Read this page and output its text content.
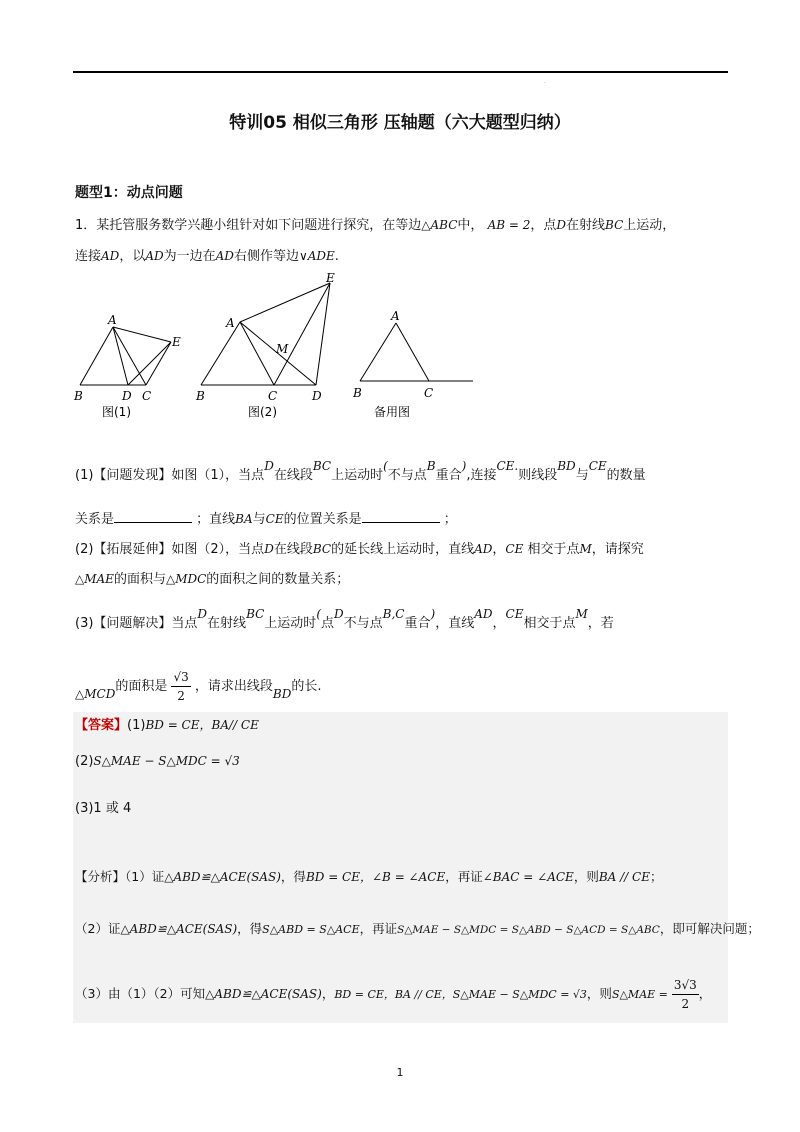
·
特训05 相似三角形 压轴题（六大题型归纳）
题型1：动点问题
1．某托管服务数学兴趣小组针对如下问题进行探究，在等边△ABC中， AB = 2，点D在射线BC上运动，
连接AD，以AD为一边在AD右侧作等边∨ADE.
A
B	D C
E
图(1)
A
B	C	D
E
M
图(2)
A
B	C
备用图
(1)【问题发现】如图（1），当点D在线段BC上运动时(不与点B重合),连接CE.则线段BD与CE的数量
关系是	；直线BA与CE的位置关系是	；
(2)【拓展延伸】如图（2），当点D在线段BC的延长线上运动时，直线AD，CE 相交于点M，请探究
△MAE的面积与△MDC的面积之间的数量关系；
(3)【问题解决】当点D在射线BC上运动时(点D不与点B,C重合)，直线AD，CE相交于点M，若
△MCD的面积是 $\frac{√3}{2}$ ，请求出线段BD的长.
【答案】(1)BD = CE，BA// CE
(2)S△MAE − S△MDC = √3
(3)1 或 4
【分析】（1）证△ABD≌△ACE(SAS)，得BD = CE，∠B = ∠ACE，再证∠BAC = ∠ACE，则BA // CE；
（2）证△ABD≌△ACE(SAS)，得S△ABD = S△ACE，再证S△MAE − S△MDC = S△ABD − S△ACD = S△ABC，即可解决问题；
（3）由（1）（2）可知△ABD≌△ACE(SAS)，BD = CE，BA // CE，S△MAE − S△MDC = √3，则S△MAE = $\frac{3√3}{2}$ ，
1
